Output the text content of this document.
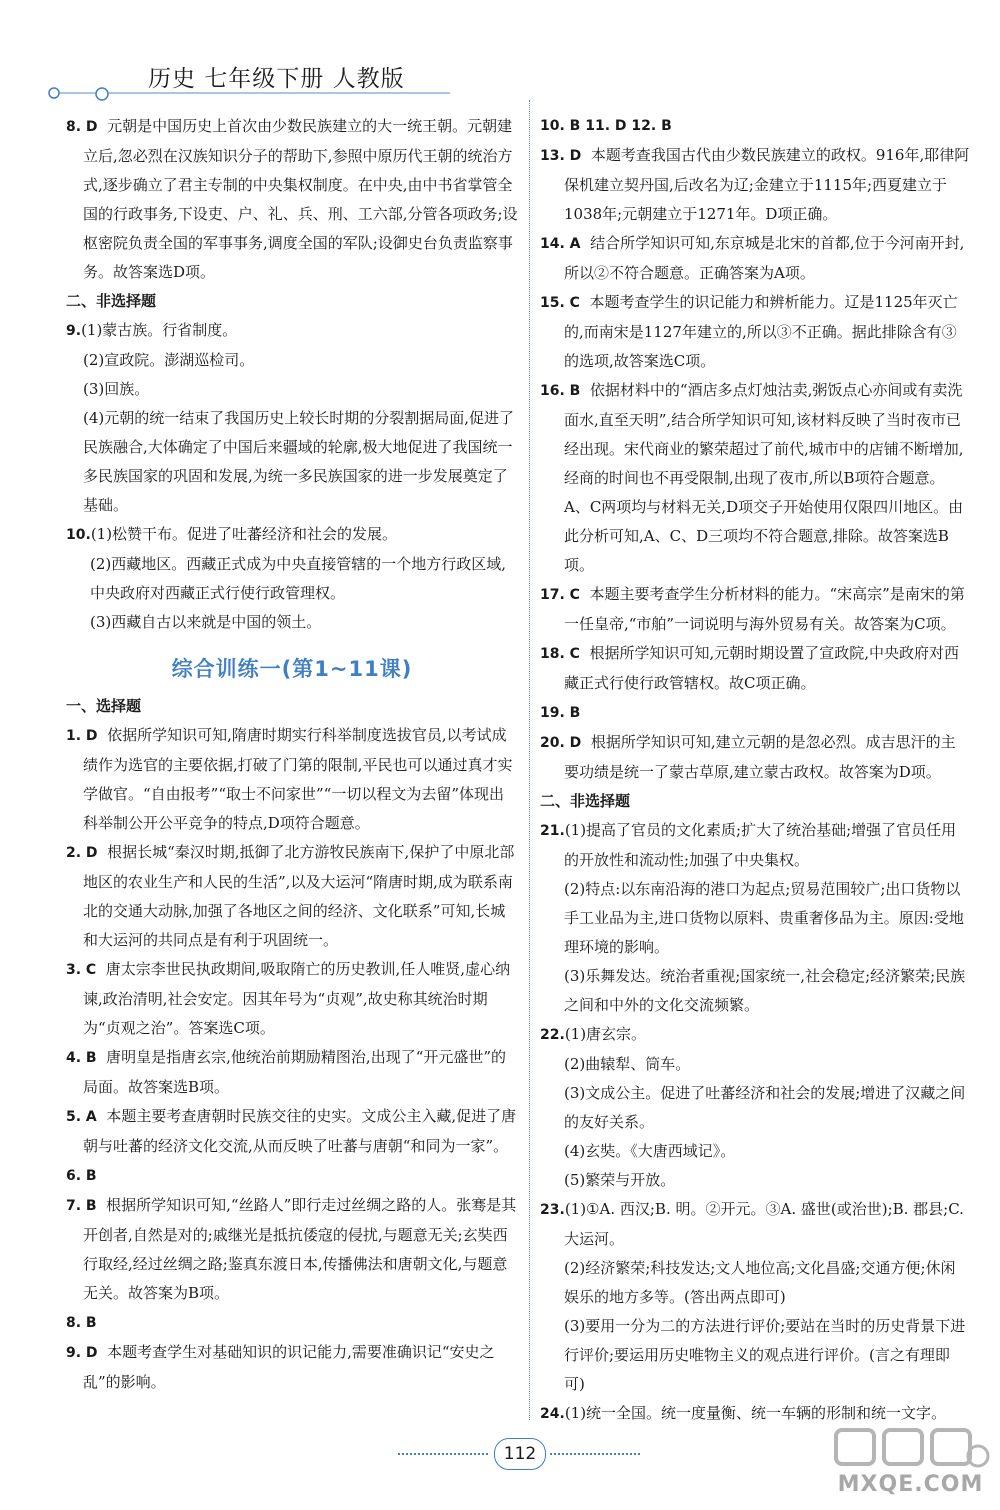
历史 七年级下册 人教版

8. D 元朝是中国历史上首次由少数民族建立的大一统王朝。元朝建立后,忽必烈在汉族知识分子的帮助下,参照中原历代王朝的统治方式,逐步确立了君主专制的中央集权制度。在中央,由中书省掌管全国的行政事务,下设吏、户、礼、兵、刑、工六部,分管各项政务;设枢密院负责全国的军事事务,调度全国的军队;设御史台负责监察事务。故答案选D项。

二、非选择题

9.(1)蒙古族。行省制度。

(2)宣政院。澎湖巡检司。

(3)回族。

(4)元朝的统一结束了我国历史上较长时期的分裂割据局面,促进了民族融合,大体确定了中国后来疆域的轮廓,极大地促进了我国统一多民族国家的巩固和发展,为统一多民族国家的进一步发展奠定了基础。

10.(1)松赞干布。促进了吐蕃经济和社会的发展。

(2)西藏地区。西藏正式成为中央直接管辖的一个地方行政区域,中央政府对西藏正式行使行政管理权。

(3)西藏自古以来就是中国的领土。

综合训练一(第1~11课)

一、选择题

1. D 依据所学知识可知,隋唐时期实行科举制度选拔官员,以考试成绩作为选官的主要依据,打破了门第的限制,平民也可以通过真才实学做官。“自由报考”“取士不问家世”“一切以程文为去留”体现出科举制公开公平竞争的特点,D项符合题意。

2. D 根据长城“秦汉时期,抵御了北方游牧民族南下,保护了中原北部地区的农业生产和人民的生活”,以及大运河“隋唐时期,成为联系南北的交通大动脉,加强了各地区之间的经济、文化联系”可知,长城和大运河的共同点是有利于巩固统一。

3. C 唐太宗李世民执政期间,吸取隋亡的历史教训,任人唯贤,虚心纳谏,政治清明,社会安定。因其年号为“贞观”,故史称其统治时期为“贞观之治”。答案选C项。

4. B 唐明皇是指唐玄宗,他统治前期励精图治,出现了“开元盛世”的局面。故答案选B项。

5. A 本题主要考查唐朝时民族交往的史实。文成公主入藏,促进了唐朝与吐蕃的经济文化交流,从而反映了吐蕃与唐朝“和同为一家”。

6. B

7. B 根据所学知识可知,“丝路人”即行走过丝绸之路的人。张骞是其开创者,自然是对的;戚继光是抵抗倭寇的侵扰,与题意无关;玄奘西行取经,经过丝绸之路;鉴真东渡日本,传播佛法和唐朝文化,与题意无关。故答案为B项。

8. B

9. D 本题考查学生对基础知识的识记能力,需要准确识记“安史之乱”的影响。

10. B 11. D 12. B

13. D 本题考查我国古代由少数民族建立的政权。916年,耶律阿保机建立契丹国,后改名为辽;金建立于1115年;西夏建立于1038年;元朝建立于1271年。D项正确。

14. A 结合所学知识可知,东京城是北宋的首都,位于今河南开封,所以②不符合题意。正确答案为A项。

15. C 本题考查学生的识记能力和辨析能力。辽是1125年灭亡的,而南宋是1127年建立的,所以③不正确。据此排除含有③的选项,故答案选C项。

16. B 依据材料中的“酒店多点灯烛沽卖,粥饭点心亦间或有卖洗面水,直至天明”,结合所学知识可知,该材料反映了当时夜市已经出现。宋代商业的繁荣超过了前代,城市中的店铺不断增加,经商的时间也不再受限制,出现了夜市,所以B项符合题意。A、C两项均与材料无关,D项交子开始使用仅限四川地区。由此分析可知,A、C、D三项均不符合题意,排除。故答案选B项。

17. C 本题主要考查学生分析材料的能力。“宋高宗”是南宋的第一任皇帝,“市舶”一词说明与海外贸易有关。故答案为C项。

18. C 根据所学知识可知,元朝时期设置了宣政院,中央政府对西藏正式行使行政管辖权。故C项正确。

19. B

20. D 根据所学知识可知,建立元朝的是忽必烈。成吉思汗的主要功绩是统一了蒙古草原,建立蒙古政权。故答案为D项。

二、非选择题

21.(1)提高了官员的文化素质;扩大了统治基础;增强了官员任用的开放性和流动性;加强了中央集权。

(2)特点:以东南沿海的港口为起点;贸易范围较广;出口货物以手工业品为主,进口货物以原料、贵重奢侈品为主。原因:受地理环境的影响。

(3)乐舞发达。统治者重视;国家统一,社会稳定;经济繁荣;民族之间和中外的文化交流频繁。

22.(1)唐玄宗。

(2)曲辕犁、筒车。

(3)文成公主。促进了吐蕃经济和社会的发展;增进了汉藏之间的友好关系。

(4)玄奘。《大唐西域记》。

(5)繁荣与开放。

23.(1)①A. 西汉;B. 明。②开元。③A. 盛世(或治世);B. 郡县;C. 大运河。

(2)经济繁荣;科技发达;文人地位高;文化昌盛;交通方便;休闲娱乐的地方多等。(答出两点即可)

(3)要用一分为二的方法进行评价;要站在当时的历史背景下进行评价;要运用历史唯物主义的观点进行评价。(言之有理即可)

24.(1)统一全国。统一度量衡、统一车辆的形制和统一文字。

112
MXQE.COM
